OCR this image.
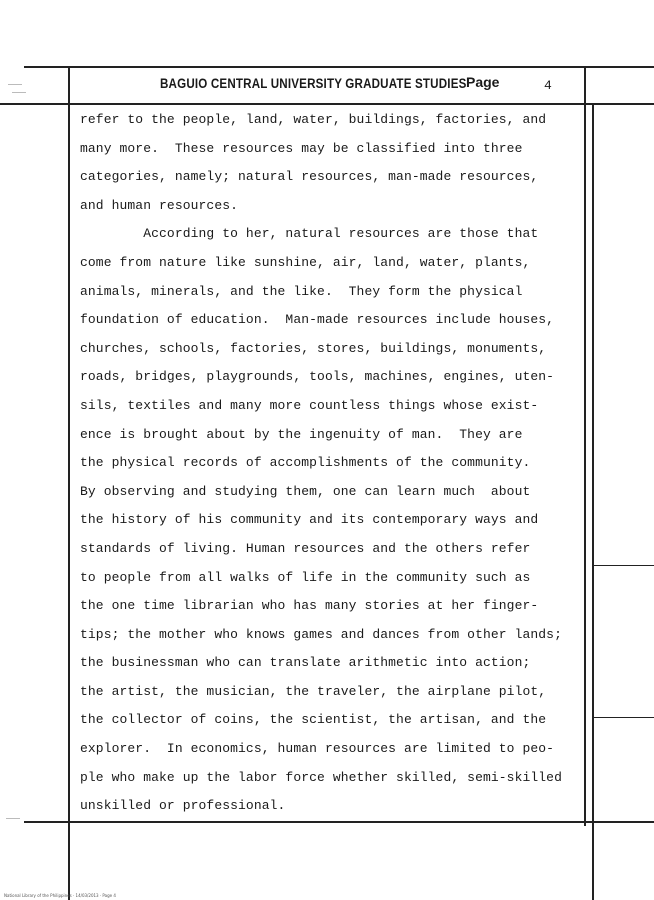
BAGUIO CENTRAL UNIVERSITY GRADUATE STUDIES Page	4
refer to the people, land, water, buildings, factories, and
many more.  These resources may be classified into three
categories, namely; natural resources, man-made resources,
and human resources.
According to her, natural resources are those that
come from nature like sunshine, air, land, water, plants,
animals, minerals, and the like.  They form the physical
foundation of education.  Man-made resources include houses,
churches, schools, factories, stores, buildings, monuments,
roads, bridges, playgrounds, tools, machines, engines, uten-
sils, textiles and many more countless things whose exist-
ence is brought about by the ingenuity of man.  They are
the physical records of accomplishments of the community.
By observing and studying them, one can learn much  about
the history of his community and its contemporary ways and
standards of living. Human resources and the others refer
to people from all walks of life in the community such as
the one time librarian who has many stories at her finger-
tips; the mother who knows games and dances from other lands;
the businessman who can translate arithmetic into action;
the artist, the musician, the traveler, the airplane pilot,
the collector of coins, the scientist, the artisan, and the
explorer.  In economics, human resources are limited to peo-
ple who make up the labor force whether skilled, semi-skilled
unskilled or professional.
National Library of the Philippines · 14/03/2013 · Page 4
